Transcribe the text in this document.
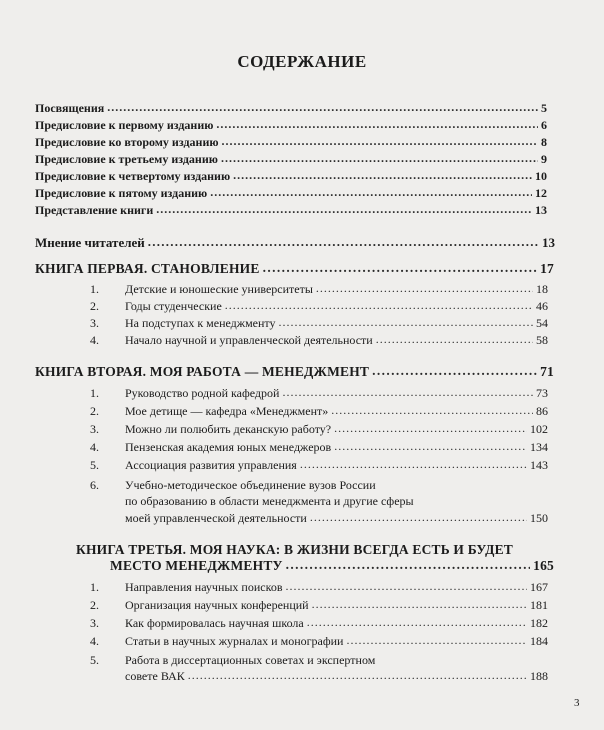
СОДЕРЖАНИЕ
Посвящения . . .	5
Предисловие к первому изданию . . .	6
Предисловие ко второму изданию . . .	8
Предисловие к третьему изданию . . .	9
Предисловие к четвертому изданию . . .	10
Предисловие к пятому изданию . . .	12
Представление книги . . .	13
Мнение читателей . . .	13
КНИГА ПЕРВАЯ. СТАНОВЛЕНИЕ . . .	17
1.	Детские и юношеские университеты . . .	18
2.	Годы студенческие . . .	46
3.	На подступах к менеджменту . . .	54
4.	Начало научной и управленческой деятельности . . .	58
КНИГА ВТОРАЯ. МОЯ РАБОТА — МЕНЕДЖМЕНТ . . .	71
1.	Руководство родной кафедрой . . .	73
2.	Мое детище — кафедра «Менеджмент» . . .	86
3.	Можно ли полюбить деканскую работу? . . .	102
4.	Пензенская академия юных менеджеров . . .	134
5.	Ассоциация развития управления . . .	143
6. Учебно-методическое объединение вузов России
по образованию в области менеджмента и другие сферы
моей управленческой деятельности . . .	150
КНИГА ТРЕТЬЯ. МОЯ НАУКА: В ЖИЗНИ ВСЕГДА ЕСТЬ И БУДЕТ
МЕСТО МЕНЕДЖМЕНТУ . . .	165
1.	Направления научных поисков . . .	167
2.	Организация научных конференций . . .	181
3.	Как формировалась научная школа . . .	182
4.	Статьи в научных журналах и монографии . . .	184
5. Работа в диссертационных советах и экспертном
совете ВАК . . .	188
3
